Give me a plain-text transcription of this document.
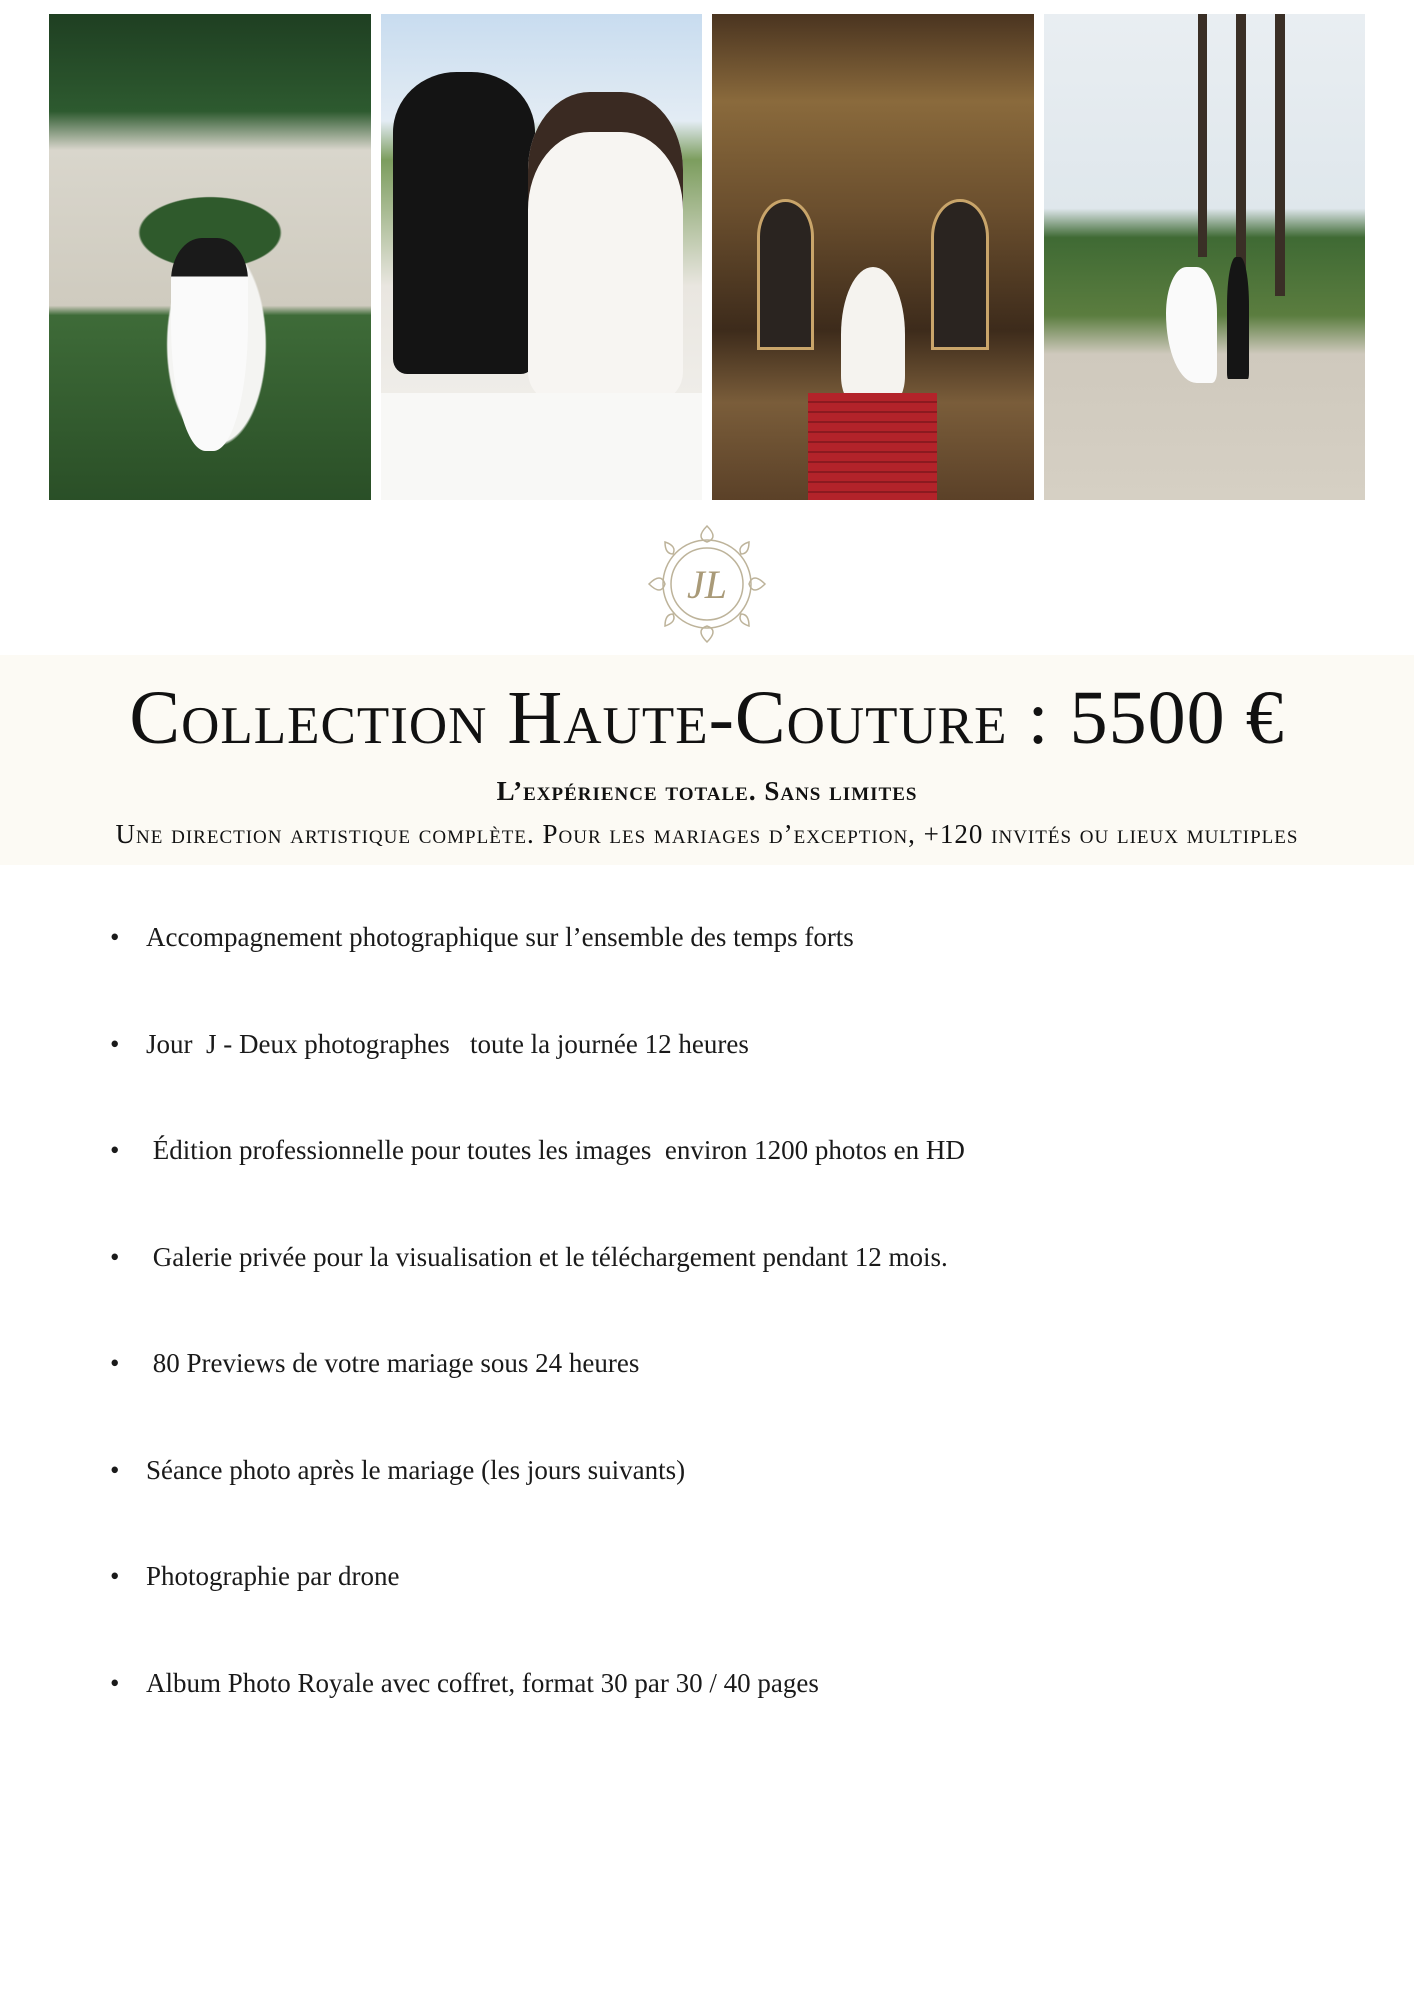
JL
Collection Haute-Couture : 5500 €
L’expérience totale. Sans limites
Une direction artistique complète. Pour les mariages d’exception, +120 invités ou lieux multiples
• Accompagnement photographique sur l’ensemble des temps forts
• Jour  J - Deux photographes   toute la journée 12 heures
• Édition professionnelle pour toutes les images  environ 1200 photos en HD
• Galerie privée pour la visualisation et le téléchargement pendant 12 mois.
• 80 Previews de votre mariage sous 24 heures
• Séance photo après le mariage (les jours suivants)
• Photographie par drone
• Album Photo Royale avec coffret, format 30 par 30 / 40 pages
